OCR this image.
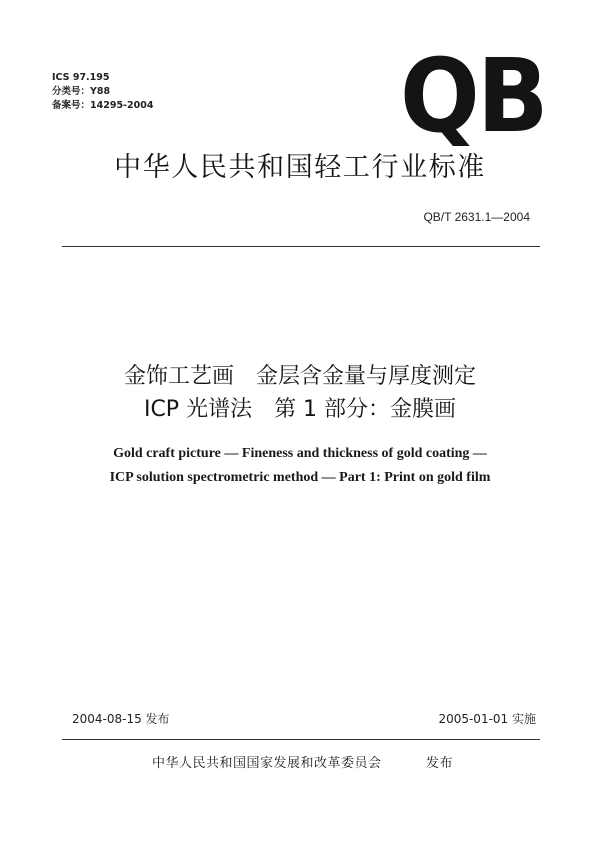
ICS 97.195
分类号：Y88
备案号：14295-2004 QB
中华人民共和国轻工行业标准
QB/T 2631.1—2004
金饰工艺画　金层含金量与厚度测定
ICP 光谱法　第 1 部分：金膜画
Gold craft picture — Fineness and thickness of gold coating —
ICP solution spectrometric method — Part 1: Print on gold film
2004-08-15 发布	2005-01-01 实施
中华人民共和国国家发展和改革委员会	发布
